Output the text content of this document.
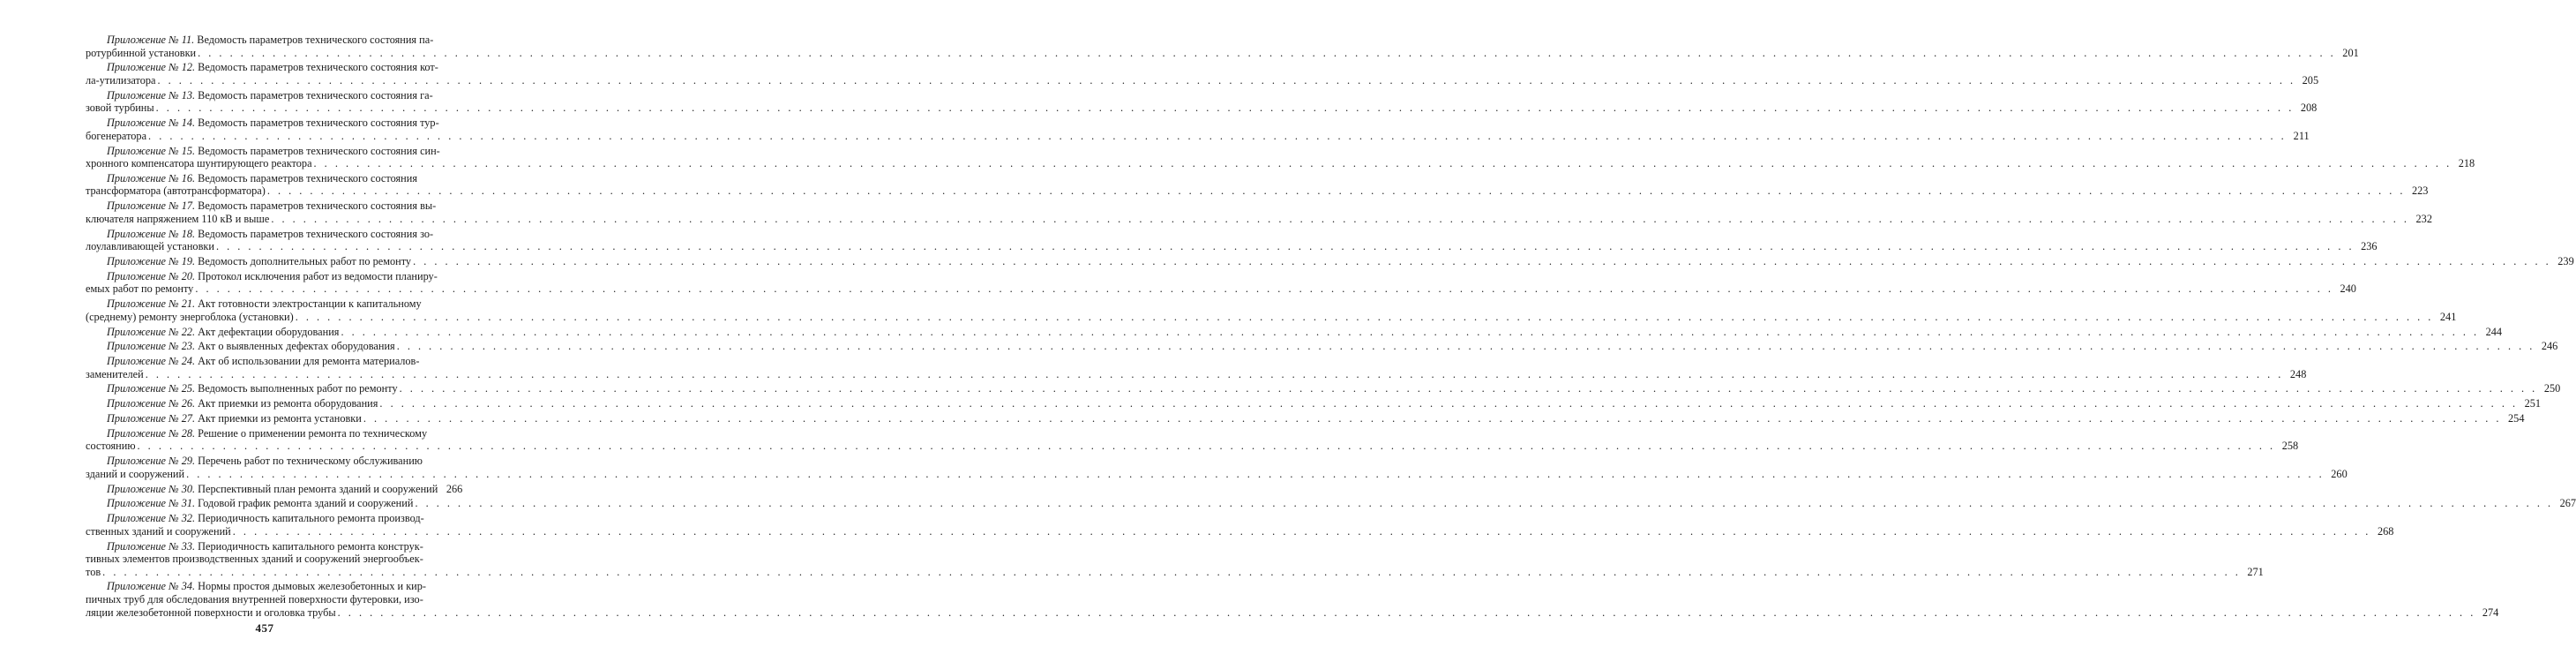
Приложение № 11. Ведомость параметров технического состояния па-
ротурбинной установки . . . . . . . . . . . . . . . . . . . . . . . . . . . . . . . . . . . . . . . . . . . . . . . . . . . . . . . . . . . . . . . . . . . . . . . . . . . . . . . . . . . . . . . . . . . . . . . . . . . . . . . . . . . . . . . . . . . . . . . . . . . . . . . . . . . . . . . . . . . . . . . . . . . . . . . . . . . . . . . . . . . . . . . . . . . . . . . . . . . . . . . . . . . . . . . . . . . . . . . . 201
Приложение № 12. Ведомость параметров технического состояния кот-
ла-утилизатора . . . . . . . . . . . . . . . . . . . . . . . . . . . . . . . . . . . . . . . . . . . . . . . . . . . . . . . . . . . . . . . . . . . . . . . . . . . . . . . . . . . . . . . . . . . . . . . . . . . . . . . . . . . . . . . . . . . . . . . . . . . . . . . . . . . . . . . . . . . . . . . . . . . . . . . . . . . . . . . . . . . . . . . . . . . . . . . . . . . . . . . . . . . . . . . . . . . . . . . . 205
Приложение № 13. Ведомость параметров технического состояния га-
зовой турбины . . . . . . . . . . . . . . . . . . . . . . . . . . . . . . . . . . . . . . . . . . . . . . . . . . . . . . . . . . . . . . . . . . . . . . . . . . . . . . . . . . . . . . . . . . . . . . . . . . . . . . . . . . . . . . . . . . . . . . . . . . . . . . . . . . . . . . . . . . . . . . . . . . . . . . . . . . . . . . . . . . . . . . . . . . . . . . . . . . . . . . . . . . . . . . . . . . . . . . . . 208
Приложение № 14. Ведомость параметров технического состояния тур-
богенератора . . . . . . . . . . . . . . . . . . . . . . . . . . . . . . . . . . . . . . . . . . . . . . . . . . . . . . . . . . . . . . . . . . . . . . . . . . . . . . . . . . . . . . . . . . . . . . . . . . . . . . . . . . . . . . . . . . . . . . . . . . . . . . . . . . . . . . . . . . . . . . . . . . . . . . . . . . . . . . . . . . . . . . . . . . . . . . . . . . . . . . . . . . . . . . . . . . . . . . . . 211
Приложение № 15. Ведомость параметров технического состояния син-
хронного компенсатора шунтирующего реактора . . . . . . . . . . . . . . . . . . . . . . . . . . . . . . . . . . . . . . . . . . . . . . . . . . . . . . . . . . . . . . . . . . . . . . . . . . . . . . . . . . . . . . . . . . . . . . . . . . . . . . . . . . . . . . . . . . . . . . . . . . . . . . . . . . . . . . . . . . . . . . . . . . . . . . . . . . . . . . . . . . . . . . . . . . . . . . . . . . . . . . . . . . . . . . . . . . . . . . . . 218
Приложение № 16. Ведомость параметров технического состояния
трансформатора (автотрансформатора) . . . . . . . . . . . . . . . . . . . . . . . . . . . . . . . . . . . . . . . . . . . . . . . . . . . . . . . . . . . . . . . . . . . . . . . . . . . . . . . . . . . . . . . . . . . . . . . . . . . . . . . . . . . . . . . . . . . . . . . . . . . . . . . . . . . . . . . . . . . . . . . . . . . . . . . . . . . . . . . . . . . . . . . . . . . . . . . . . . . . . . . . . . . . . . . . . . . . . . . . 223
Приложение № 17. Ведомость параметров технического состояния вы-
ключателя напряжением 110 кВ и выше . . . . . . . . . . . . . . . . . . . . . . . . . . . . . . . . . . . . . . . . . . . . . . . . . . . . . . . . . . . . . . . . . . . . . . . . . . . . . . . . . . . . . . . . . . . . . . . . . . . . . . . . . . . . . . . . . . . . . . . . . . . . . . . . . . . . . . . . . . . . . . . . . . . . . . . . . . . . . . . . . . . . . . . . . . . . . . . . . . . . . . . . . . . . . . . . . . . . . . . . 232
Приложение № 18. Ведомость параметров технического состояния зо-
лоулавливающей установки . . . . . . . . . . . . . . . . . . . . . . . . . . . . . . . . . . . . . . . . . . . . . . . . . . . . . . . . . . . . . . . . . . . . . . . . . . . . . . . . . . . . . . . . . . . . . . . . . . . . . . . . . . . . . . . . . . . . . . . . . . . . . . . . . . . . . . . . . . . . . . . . . . . . . . . . . . . . . . . . . . . . . . . . . . . . . . . . . . . . . . . . . . . . . . . . . . . . . . . . 236
Приложение № 19. Ведомость дополнительных работ по ремонту . . . . . . . . . . . . . . . . . . . . . . . . . . . . . . . . . . . . . . . . . . . . . . . . . . . . . . . . . . . . . . . . . . . . . . . . . . . . . . . . . . . . . . . . . . . . . . . . . . . . . . . . . . . . . . . . . . . . . . . . . . . . . . . . . . . . . . . . . . . . . . . . . . . . . . . . . . . . . . . . . . . . . . . . . . . . . . . . . . . . . . . . . . . . . . . . . . . . . . . . 239
Приложение № 20. Протокол исключения работ из ведомости планиру-
емых работ по ремонту . . . . . . . . . . . . . . . . . . . . . . . . . . . . . . . . . . . . . . . . . . . . . . . . . . . . . . . . . . . . . . . . . . . . . . . . . . . . . . . . . . . . . . . . . . . . . . . . . . . . . . . . . . . . . . . . . . . . . . . . . . . . . . . . . . . . . . . . . . . . . . . . . . . . . . . . . . . . . . . . . . . . . . . . . . . . . . . . . . . . . . . . . . . . . . . . . . . . . . . . 240
Приложение № 21. Акт готовности электростанции к капитальному
(среднему) ремонту энергоблока (установки) . . . . . . . . . . . . . . . . . . . . . . . . . . . . . . . . . . . . . . . . . . . . . . . . . . . . . . . . . . . . . . . . . . . . . . . . . . . . . . . . . . . . . . . . . . . . . . . . . . . . . . . . . . . . . . . . . . . . . . . . . . . . . . . . . . . . . . . . . . . . . . . . . . . . . . . . . . . . . . . . . . . . . . . . . . . . . . . . . . . . . . . . . . . . . . . . . . . . . . . . 241
Приложение № 22. Акт дефектации оборудования . . . . . . . . . . . . . . . . . . . . . . . . . . . . . . . . . . . . . . . . . . . . . . . . . . . . . . . . . . . . . . . . . . . . . . . . . . . . . . . . . . . . . . . . . . . . . . . . . . . . . . . . . . . . . . . . . . . . . . . . . . . . . . . . . . . . . . . . . . . . . . . . . . . . . . . . . . . . . . . . . . . . . . . . . . . . . . . . . . . . . . . . . . . . . . . . . . . . . . . . 244
Приложение № 23. Акт о выявленных дефектах оборудования . . . . . . . . . . . . . . . . . . . . . . . . . . . . . . . . . . . . . . . . . . . . . . . . . . . . . . . . . . . . . . . . . . . . . . . . . . . . . . . . . . . . . . . . . . . . . . . . . . . . . . . . . . . . . . . . . . . . . . . . . . . . . . . . . . . . . . . . . . . . . . . . . . . . . . . . . . . . . . . . . . . . . . . . . . . . . . . . . . . . . . . . . . . . . . . . . . . . . . . . 246
Приложение № 24. Акт об использовании для ремонта материалов-
заменителей . . . . . . . . . . . . . . . . . . . . . . . . . . . . . . . . . . . . . . . . . . . . . . . . . . . . . . . . . . . . . . . . . . . . . . . . . . . . . . . . . . . . . . . . . . . . . . . . . . . . . . . . . . . . . . . . . . . . . . . . . . . . . . . . . . . . . . . . . . . . . . . . . . . . . . . . . . . . . . . . . . . . . . . . . . . . . . . . . . . . . . . . . . . . . . . . . . . . . . . . 248
Приложение № 25. Ведомость выполненных работ по ремонту . . . . . . . . . . . . . . . . . . . . . . . . . . . . . . . . . . . . . . . . . . . . . . . . . . . . . . . . . . . . . . . . . . . . . . . . . . . . . . . . . . . . . . . . . . . . . . . . . . . . . . . . . . . . . . . . . . . . . . . . . . . . . . . . . . . . . . . . . . . . . . . . . . . . . . . . . . . . . . . . . . . . . . . . . . . . . . . . . . . . . . . . . . . . . . . . . . . . . . . . 250
Приложение № 26. Акт приемки из ремонта оборудования . . . . . . . . . . . . . . . . . . . . . . . . . . . . . . . . . . . . . . . . . . . . . . . . . . . . . . . . . . . . . . . . . . . . . . . . . . . . . . . . . . . . . . . . . . . . . . . . . . . . . . . . . . . . . . . . . . . . . . . . . . . . . . . . . . . . . . . . . . . . . . . . . . . . . . . . . . . . . . . . . . . . . . . . . . . . . . . . . . . . . . . . . . . . . . . . . . . . . . . . 251
Приложение № 27. Акт приемки из ремонта установки . . . . . . . . . . . . . . . . . . . . . . . . . . . . . . . . . . . . . . . . . . . . . . . . . . . . . . . . . . . . . . . . . . . . . . . . . . . . . . . . . . . . . . . . . . . . . . . . . . . . . . . . . . . . . . . . . . . . . . . . . . . . . . . . . . . . . . . . . . . . . . . . . . . . . . . . . . . . . . . . . . . . . . . . . . . . . . . . . . . . . . . . . . . . . . . . . . . . . . . . 254
Приложение № 28. Решение о применении ремонта по техническому
состоянию . . . . . . . . . . . . . . . . . . . . . . . . . . . . . . . . . . . . . . . . . . . . . . . . . . . . . . . . . . . . . . . . . . . . . . . . . . . . . . . . . . . . . . . . . . . . . . . . . . . . . . . . . . . . . . . . . . . . . . . . . . . . . . . . . . . . . . . . . . . . . . . . . . . . . . . . . . . . . . . . . . . . . . . . . . . . . . . . . . . . . . . . . . . . . . . . . . . . . . . . 258
Приложение № 29. Перечень работ по техническому обслуживанию
зданий и сооружений . . . . . . . . . . . . . . . . . . . . . . . . . . . . . . . . . . . . . . . . . . . . . . . . . . . . . . . . . . . . . . . . . . . . . . . . . . . . . . . . . . . . . . . . . . . . . . . . . . . . . . . . . . . . . . . . . . . . . . . . . . . . . . . . . . . . . . . . . . . . . . . . . . . . . . . . . . . . . . . . . . . . . . . . . . . . . . . . . . . . . . . . . . . . . . . . . . . . . . . . 260
Приложение № 30. Перспективный план ремонта зданий и сооружений 266
Приложение № 31. Годовой график ремонта зданий и сооружений . . . . . . . . . . . . . . . . . . . . . . . . . . . . . . . . . . . . . . . . . . . . . . . . . . . . . . . . . . . . . . . . . . . . . . . . . . . . . . . . . . . . . . . . . . . . . . . . . . . . . . . . . . . . . . . . . . . . . . . . . . . . . . . . . . . . . . . . . . . . . . . . . . . . . . . . . . . . . . . . . . . . . . . . . . . . . . . . . . . . . . . . . . . . . . . . . . . . . . . . 267
Приложение № 32. Периодичность капитального ремонта производ-
ственных зданий и сооружений . . . . . . . . . . . . . . . . . . . . . . . . . . . . . . . . . . . . . . . . . . . . . . . . . . . . . . . . . . . . . . . . . . . . . . . . . . . . . . . . . . . . . . . . . . . . . . . . . . . . . . . . . . . . . . . . . . . . . . . . . . . . . . . . . . . . . . . . . . . . . . . . . . . . . . . . . . . . . . . . . . . . . . . . . . . . . . . . . . . . . . . . . . . . . . . . . . . . . . . . 268
Приложение № 33. Периодичность капитального ремонта конструк-
тивных элементов производственных зданий и сооружений энергообъек-
тов . . . . . . . . . . . . . . . . . . . . . . . . . . . . . . . . . . . . . . . . . . . . . . . . . . . . . . . . . . . . . . . . . . . . . . . . . . . . . . . . . . . . . . . . . . . . . . . . . . . . . . . . . . . . . . . . . . . . . . . . . . . . . . . . . . . . . . . . . . . . . . . . . . . . . . . . . . . . . . . . . . . . . . . . . . . . . . . . . . . . . . . . . . . . . . . . . . . . . . . . 271
Приложение № 34. Нормы простоя дымовых железобетонных и кир-
пичных труб для обследования внутренней поверхности футеровки, изо-
ляции железобетонной поверхности и оголовка трубы . . . . . . . . . . . . . . . . . . . . . . . . . . . . . . . . . . . . . . . . . . . . . . . . . . . . . . . . . . . . . . . . . . . . . . . . . . . . . . . . . . . . . . . . . . . . . . . . . . . . . . . . . . . . . . . . . . . . . . . . . . . . . . . . . . . . . . . . . . . . . . . . . . . . . . . . . . . . . . . . . . . . . . . . . . . . . . . . . . . . . . . . . . . . . . . . . . . . . . . . 274
457
